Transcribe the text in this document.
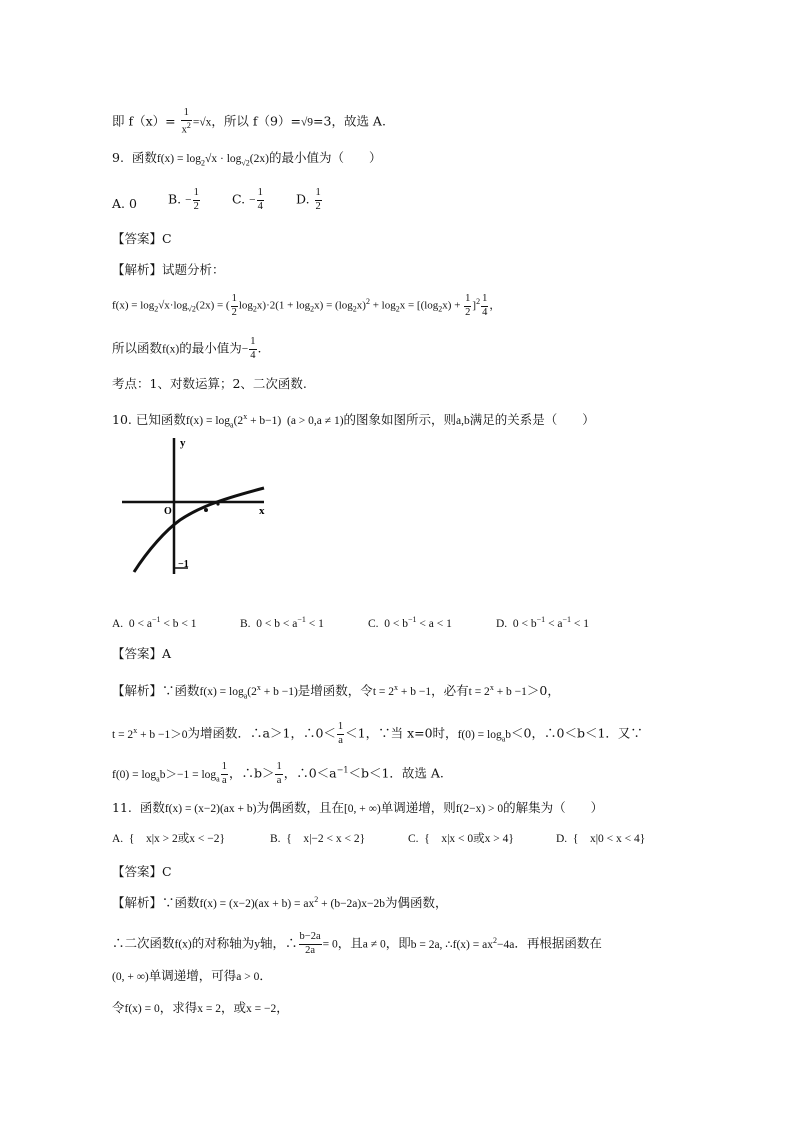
即 $f(x)= \frac{1}{x^2} =√x$，所以 f（9）=√9=3，故选 A.
9.  函数$f(x) = \log_2√x \cdot \log_{√2}(2x)$的最小值为（　　）
A. 0 B. − $\frac{1}{2}$	C. − $\frac{1}{4}$	D. $\frac{1}{2}$
【答案】C
【解析】试题分析：
$f(x) = \log_2√x\cdot\log_{√2}(2x)$ = ( $\frac{1}{2} \log_2x)\cdot 2(1 + \log_2x) = (\log_2x)^2 + \log_2x = [(\log_2x) + \frac{1}{2} ]^2 \frac{1}{4}$ ，
所以函数f(x)的最小值为− $\frac{1}{4}$ .
考点：1、对数运算；2、二次函数.
10. 已知函数$f(x) = \log_a(2^x + b-1) (a > 0,a \ne 1)$的图象如图所示，则a,b满足的关系是（　　）
y
x
O
−1
A.  $0 < a^{-1} < b < 1$	B.  $0 < b < a^{-1} < 1$	C.  $0 < b^{-1} < a < 1$	D.  $0 < b^{-1} < a^{-1} < 1$
【答案】A
【解析】∵函数$f(x) = \log_a(2^x + b -1)$是增函数，令$t = 2^x + b -1$，必有$t = 2^x + b -1>0$，
$t = 2^x + b -1>0$为增函数．∴a＞1，∴0＜ $\frac{1}{a} <1$，∵当 x=0时，$f(0) = \log_ab<0$，∴0＜b＜1．又∵
$f(0) = \log_ab>-1 = \log_a \frac{1}{a}$ ，∴b＞ $\frac{1}{a}$ ，$\therefore 0<a^{-1}<b<1$．故选 A.
11.  函数f(x) = (x−2)(ax + b)为偶函数，且在[0, + ∞)单调递增，则f(2−x) > 0的解集为（　　）
A.  {　x|x > 2或x < −2}	B.  {　x|−2 < x < 2}	C.  {　x|x < 0或x > 4}	D.  {　x|0 < x < 4}
【答案】C
【解析】∵函数$f(x) = (x-2)(ax + b) = ax^2 + (b-2a)x-2b$为偶函数，
∴二次函数f(x)的对称轴为y轴，∴ $\frac{b-2a}{2a} = 0$，且a ≠ 0，即b = 2a, ∴f(x) = $ax^2-4a$．再根据函数在
(0, + ∞)单调递增，可得a > 0．
令f(x) = 0，求得x = 2，或x = −2，
